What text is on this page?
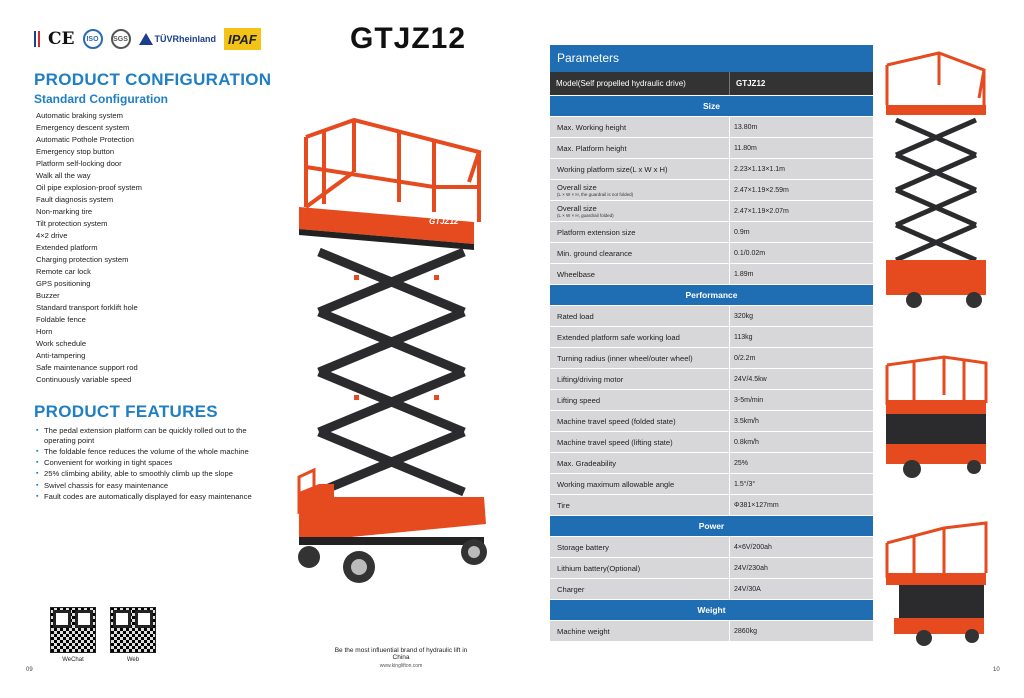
CE	ISO	SGS	TÜVRheinland IPAF	GTJZ12
PRODUCT CONFIGURATION
Standard Configuration
Automatic braking system
Emergency descent system
Automatic Pothole Protection
Emergency stop button
Platform self-locking door
Walk all the way
Oil pipe explosion-proof system
Fault diagnosis system
Non-marking tire
Tilt protection system
4×2 drive
Extended platform
Charging protection system
Remote car lock
GPS positioning
Buzzer
Standard transport forklift hole
Foldable fence
Horn
Work schedule
Anti-tampering
Safe maintenance support rod
Continuously variable speed
PRODUCT FEATURES
▪ The pedal extension platform can be quickly rolled out to the operating point
▪ The foldable fence reduces the volume of the whole machine
▪ Convenient for working in tight spaces
▪ 25% climbing ability, able to smoothly climb up the slope
▪ Swivel chassis for easy maintenance
▪ Fault codes are automatically displayed for easy maintenance
WeChat	Web
09	10
Be the most influential brand of hydraulic lift in China
www.kinglifton.com
GTJZ12
Parameters
Model(Self propelled hydraulic drive)	GTJZ12
Size
Max. Working height	13.80m
Max. Platform height	11.80m
Working platform size(L x W x H)	2.23×1.13×1.1m
Overall size
(L × W × H, the guardrail is not folded)
2.47×1.19×2.59m
Overall size
(L × W × H, guardrail folded)
2.47×1.19×2.07m
Platform extension size	0.9m
Min. ground clearance	0.1/0.02m
Wheelbase	1.89m
Performance
Rated load	320kg
Extended platform safe working load	113kg
Turning radius (inner wheel/outer wheel)	0/2.2m
Lifting/driving motor	24V/4.5kw
Lifting speed	3-5m/min
Machine travel speed (folded state)	3.5km/h
Machine travel speed (lifting state)	0.8km/h
Max. Gradeability	25%
Working maximum allowable angle	1.5°/3°
Tire	Φ381×127mm
Power
Storage battery	4×6V/200ah
Lithium battery(Optional)	24V/230ah
Charger	24V/30A
Weight
Machine weight	2860kg
